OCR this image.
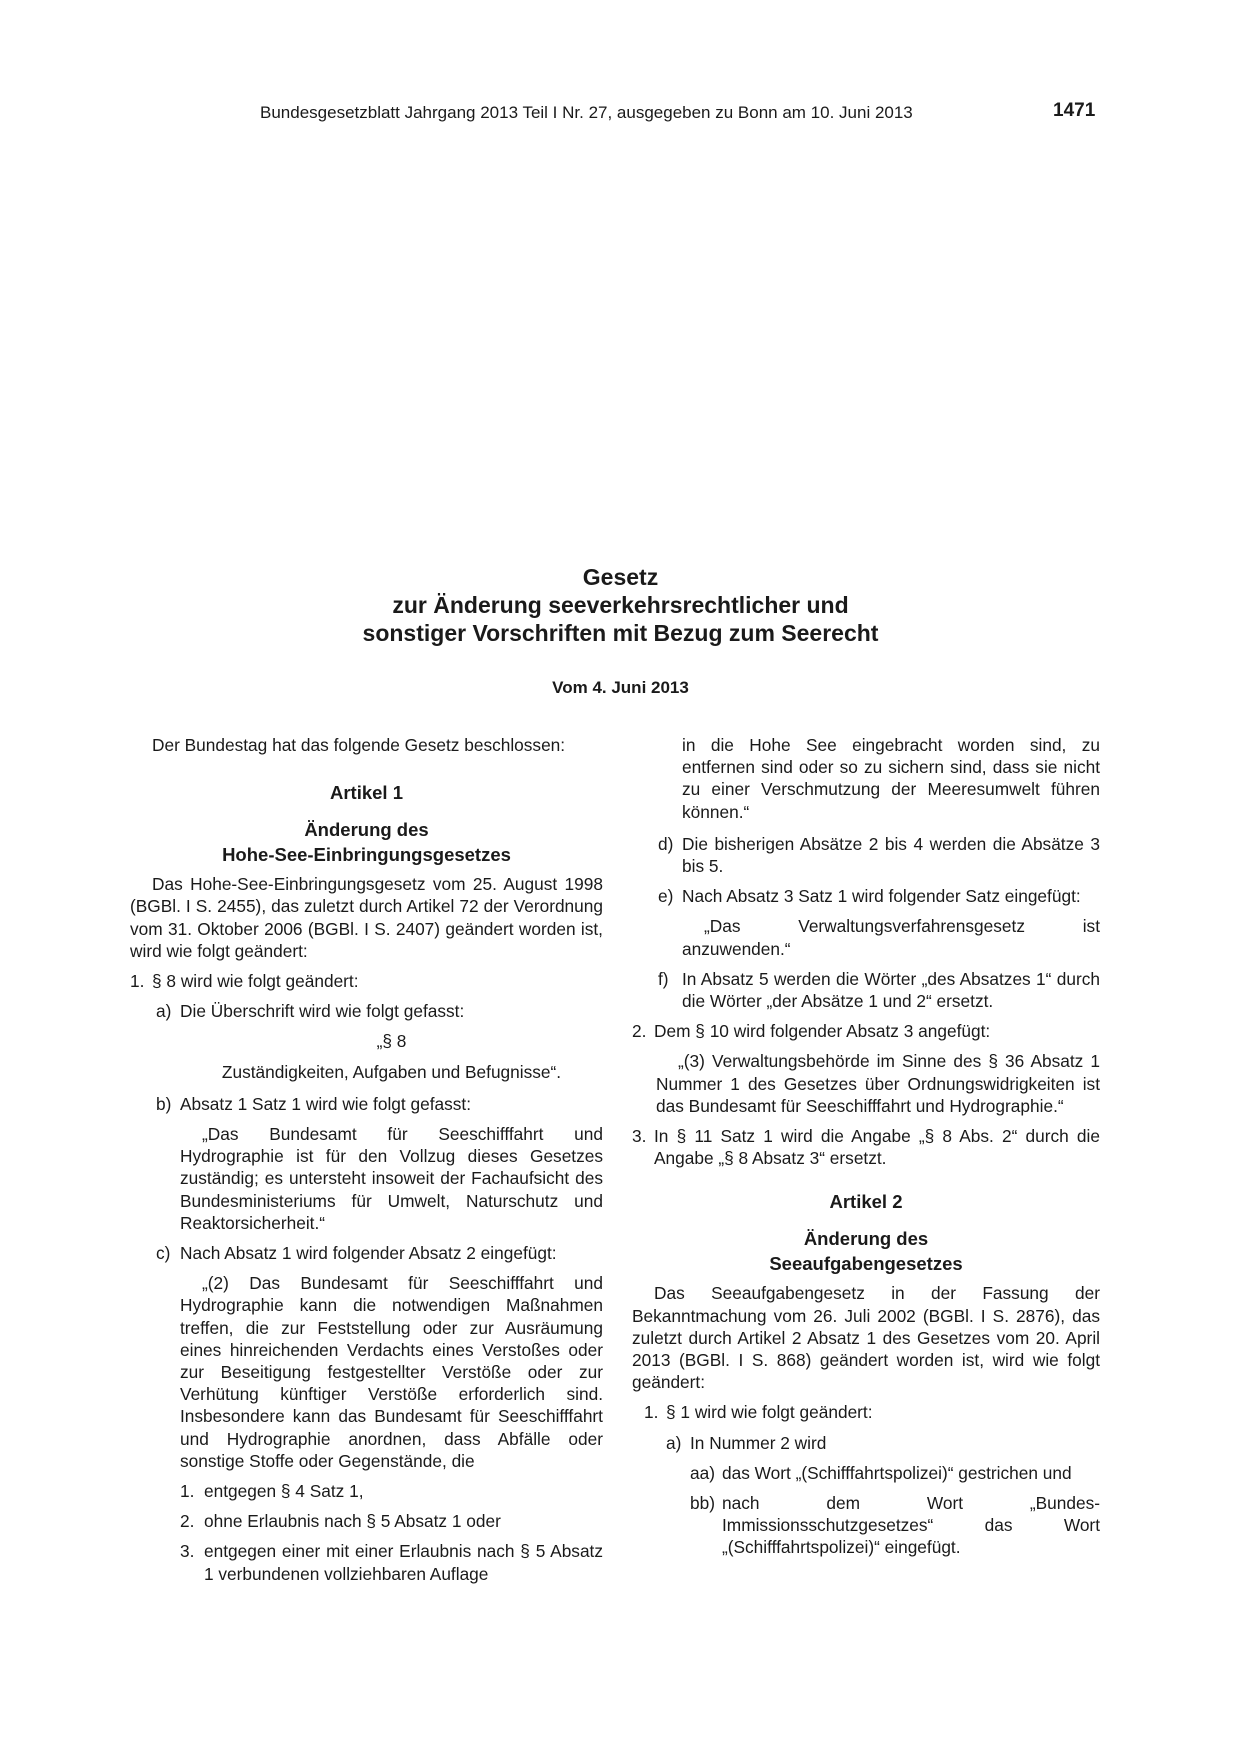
Bundesgesetzblatt Jahrgang 2013 Teil I Nr. 27, ausgegeben zu Bonn am 10. Juni 2013	1471
Gesetz
zur Änderung seeverkehrsrechtlicher und
sonstiger Vorschriften mit Bezug zum Seerecht
Vom 4. Juni 2013

Der Bundestag hat das folgende Gesetz beschlossen:

Artikel 1
Änderung des
Hohe-See-Einbringungsgesetzes

Das Hohe-See-Einbringungsgesetz vom 25. August 1998 (BGBl. I S. 2455), das zuletzt durch Artikel 72 der Verordnung vom 31. Oktober 2006 (BGBl. I S. 2407) geändert worden ist, wird wie folgt geändert:

1. § 8 wird wie folgt geändert:
a) Die Überschrift wird wie folgt gefasst:
„§ 8
Zuständigkeiten, Aufgaben und Befugnisse“.
b) Absatz 1 Satz 1 wird wie folgt gefasst:

„Das Bundesamt für Seeschifffahrt und Hydrographie ist für den Vollzug dieses Gesetzes zuständig; es untersteht insoweit der Fachaufsicht des Bundesministeriums für Umwelt, Naturschutz und Reaktorsicherheit.“

c) Nach Absatz 1 wird folgender Absatz 2 eingefügt:

„(2) Das Bundesamt für Seeschifffahrt und Hydrographie kann die notwendigen Maßnahmen treffen, die zur Feststellung oder zur Ausräumung eines hinreichenden Verdachts eines Verstoßes oder zur Beseitigung festgestellter Verstöße oder zur Verhütung künftiger Verstöße erforderlich sind. Insbesondere kann das Bundesamt für Seeschifffahrt und Hydrographie anordnen, dass Abfälle oder sonstige Stoffe oder Gegenstände, die

1. entgegen § 4 Satz 1,
2. ohne Erlaubnis nach § 5 Absatz 1 oder
3. entgegen einer mit einer Erlaubnis nach § 5 Absatz 1 verbundenen vollziehbaren Auflage

in die Hohe See eingebracht worden sind, zu entfernen sind oder so zu sichern sind, dass sie nicht zu einer Verschmutzung der Meeresumwelt führen können.“

d) Die bisherigen Absätze 2 bis 4 werden die Absätze 3 bis 5.
e) Nach Absatz 3 Satz 1 wird folgender Satz eingefügt:

„Das Verwaltungsverfahrensgesetz ist anzuwenden.“

f) In Absatz 5 werden die Wörter „des Absatzes 1“ durch die Wörter „der Absätze 1 und 2“ ersetzt.
2. Dem § 10 wird folgender Absatz 3 angefügt:

„(3) Verwaltungsbehörde im Sinne des § 36 Absatz 1 Nummer 1 des Gesetzes über Ordnungswidrigkeiten ist das Bundesamt für Seeschifffahrt und Hydrographie.“

3. In § 11 Satz 1 wird die Angabe „§ 8 Abs. 2“ durch die Angabe „§ 8 Absatz 3“ ersetzt.
Artikel 2
Änderung des
Seeaufgabengesetzes

Das Seeaufgabengesetz in der Fassung der Bekanntmachung vom 26. Juli 2002 (BGBl. I S. 2876), das zuletzt durch Artikel 2 Absatz 1 des Gesetzes vom 20. April 2013 (BGBl. I S. 868) geändert worden ist, wird wie folgt geändert:

1. § 1 wird wie folgt geändert:
a) In Nummer 2 wird
aa) das Wort „(Schifffahrtspolizei)“ gestrichen und
bb) nach dem Wort „Bundes-Immissionsschutzgesetzes“ das Wort „(Schifffahrtspolizei)“ eingefügt.
